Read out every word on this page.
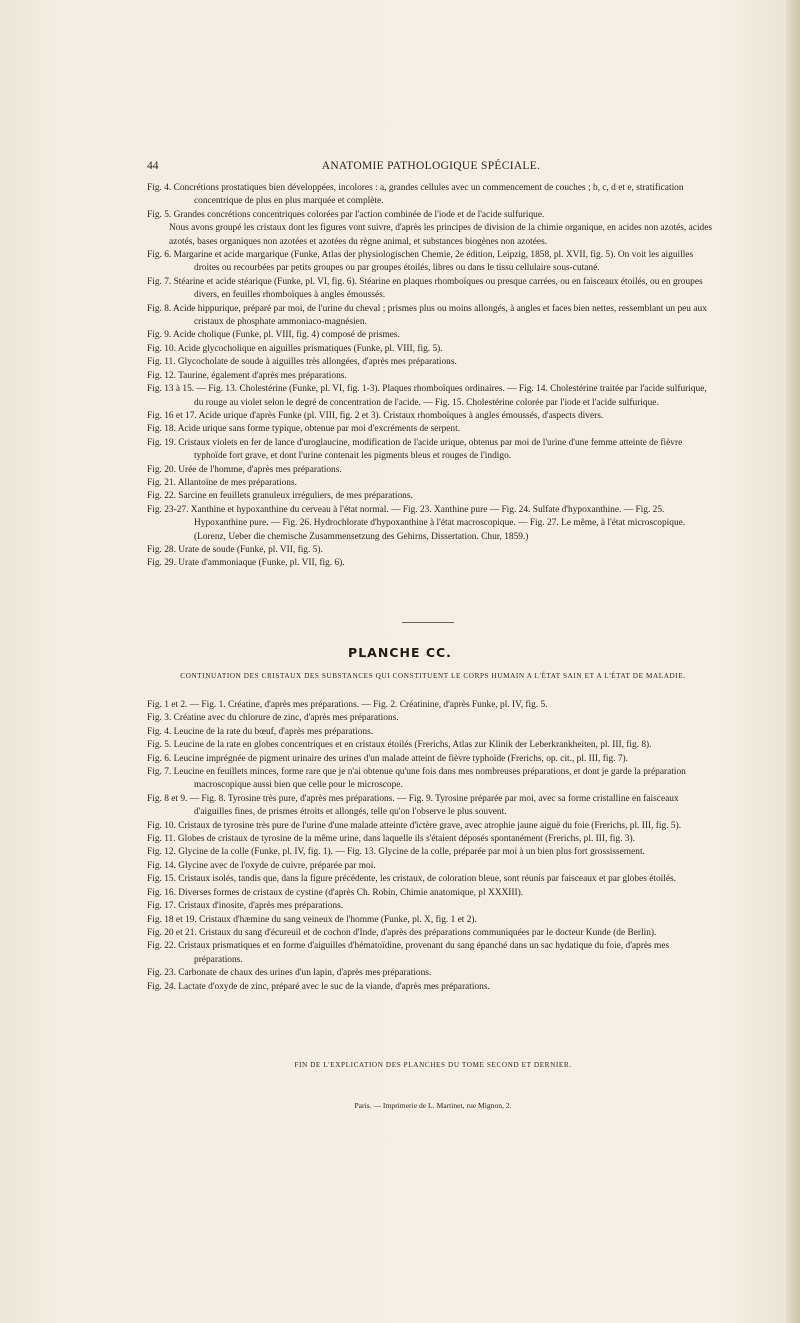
44	ANATOMIE PATHOLOGIQUE SPÉCIALE.

Fig. 4. Concrétions prostatiques bien développées, incolores : a, grandes cellules avec un commencement de couches ; b, c, d et e, stratification concentrique de plus en plus marquée et complète.

Fig. 5. Grandes concrétions concentriques colorées par l'action combinée de l'iode et de l'acide sulfurique.

Nous avons groupé les cristaux dont les figures vont suivre, d'après les principes de division de la chimie organique, en acides non azotés, acides azotés, bases organiques non azotées et azotées du règne animal, et substances biogènes non azotées.

Fig. 6. Margarine et acide margarique (Funke, Atlas der physiologischen Chemie, 2e édition, Leipzig, 1858, pl. XVII, fig. 5). On voit les aiguilles droites ou recourbées par petits groupes ou par groupes étoilés, libres ou dans le tissu cellulaire sous-cutané.

Fig. 7. Stéarine et acide stéarique (Funke, pl. VI, fig. 6). Stéarine en plaques rhomboïques ou presque carrées, ou en faisceaux étoilés, ou en groupes divers, en feuilles rhomboïques à angles émoussés.

Fig. 8. Acide hippurique, préparé par moi, de l'urine du cheval ; prismes plus ou moins allongés, à angles et faces bien nettes, ressemblant un peu aux cristaux de phosphate ammoniaco-magnésien.

Fig. 9. Acide cholique (Funke, pl. VIII, fig. 4) composé de prismes.

Fig. 10. Acide glycocholique en aiguilles prismatiques (Funke, pl. VIII, fig. 5).

Fig. 11. Glycocholate de soude à aiguilles très allongées, d'après mes préparations.

Fig. 12. Taurine, également d'après mes préparations.

Fig. 13 à 15. — Fig. 13. Cholestérine (Funke, pl. VI, fig. 1-3). Plaques rhomboïques ordinaires. — Fig. 14. Cholestérine traitée par l'acide sulfurique, du rouge au violet selon le degré de concentration de l'acide. — Fig. 15. Cholestérine colorée par l'iode et l'acide sulfurique.

Fig. 16 et 17. Acide urique d'après Funke (pl. VIII, fig. 2 et 3). Cristaux rhomboïques à angles émoussés, d'aspects divers.

Fig. 18. Acide urique sans forme typique, obtenue par moi d'excréments de serpent.

Fig. 19. Cristaux violets en fer de lance d'uroglaucine, modification de l'acide urique, obtenus par moi de l'urine d'une femme atteinte de fièvre typhoïde fort grave, et dont l'urine contenait les pigments bleus et rouges de l'indigo.

Fig. 20. Urée de l'homme, d'après mes préparations.

Fig. 21. Allantoïne de mes préparations.

Fig. 22. Sarcine en feuillets granuleux irréguliers, de mes préparations.

Fig. 23-27. Xanthine et hypoxanthine du cerveau à l'état normal. — Fig. 23. Xanthine pure — Fig. 24. Sulfate d'hypoxanthine. — Fig. 25. Hypoxanthine pure. — Fig. 26. Hydrochlorate d'hypoxanthine à l'état macroscopique. — Fig. 27. Le même, à l'état microscopique. (Lorenz, Ueber die chemische Zusammensetzung des Gehirns, Dissertation. Chur, 1859.)

Fig. 28. Urate de soude (Funke, pl. VII, fig. 5).

Fig. 29. Urate d'ammoniaque (Funke, pl. VII, fig. 6).

PLANCHE CC.
CONTINUATION DES CRISTAUX DES SUBSTANCES QUI CONSTITUENT LE CORPS HUMAIN A L'ÉTAT SAIN ET A L'ÉTAT DE MALADIE.

Fig. 1 et 2. — Fig. 1. Créatine, d'après mes préparations. — Fig. 2. Créatinine, d'après Funke, pl. IV, fig. 5.

Fig. 3. Créatine avec du chlorure de zinc, d'après mes préparations.

Fig. 4. Leucine de la rate du bœuf, d'après mes préparations.

Fig. 5. Leucine de la rate en globes concentriques et en cristaux étoilés (Frerichs, Atlas zur Klinik der Leberkrankheiten, pl. III, fig. 8).

Fig. 6. Leucine imprégnée de pigment urinaire des urines d'un malade atteint de fièvre typhoïde (Frerichs, op. cit., pl. III, fig. 7).

Fig. 7. Leucine en feuillets minces, forme rare que je n'ai obtenue qu'une fois dans mes nombreuses préparations, et dont je garde la préparation macroscopique aussi bien que celle pour le microscope.

Fig. 8 et 9. — Fig. 8. Tyrosine très pure, d'après mes préparations. — Fig. 9. Tyrosine préparée par moi, avec sa forme cristalline en faisceaux d'aiguilles fines, de prismes étroits et allongés, telle qu'on l'observe le plus souvent.

Fig. 10. Cristaux de tyrosine très pure de l'urine d'une malade atteinte d'ictère grave, avec atrophie jaune aiguë du foie (Frerichs, pl. III, fig. 5).

Fig. 11. Globes de cristaux de tyrosine de la même urine, dans laquelle ils s'étaient déposés spontanément (Frerichs, pl. III, fig. 3).

Fig. 12. Glycine de la colle (Funke, pl. IV, fig. 1). — Fig. 13. Glycine de la colle, préparée par moi à un bien plus fort grossissement.

Fig. 14. Glycine avec de l'oxyde de cuivre, préparée par moi.

Fig. 15. Cristaux isolés, tandis que, dans la figure précédente, les cristaux, de coloration bleue, sont réunis par faisceaux et par globes étoilés.

Fig. 16. Diverses formes de cristaux de cystine (d'après Ch. Robin, Chimie anatomique, pl XXXIII).

Fig. 17. Cristaux d'inosite, d'après mes préparations.

Fig. 18 et 19. Cristaux d'hæmine du sang veineux de l'homme (Funke, pl. X, fig. 1 et 2).

Fig. 20 et 21. Cristaux du sang d'écureuil et de cochon d'Inde, d'après des préparations communiquées par le docteur Kunde (de Berlin).

Fig. 22. Cristaux prismatiques et en forme d'aiguilles d'hématoïdine, provenant du sang épanché dans un sac hydatique du foie, d'après mes préparations.

Fig. 23. Carbonate de chaux des urines d'un lapin, d'après mes préparations.

Fig. 24. Lactate d'oxyde de zinc, préparé avec le suc de la viande, d'après mes préparations.

FIN DE L'EXPLICATION DES PLANCHES DU TOME SECOND ET DERNIER.
Paris. — Imprimerie de L. Martinet, rue Mignon, 2.
